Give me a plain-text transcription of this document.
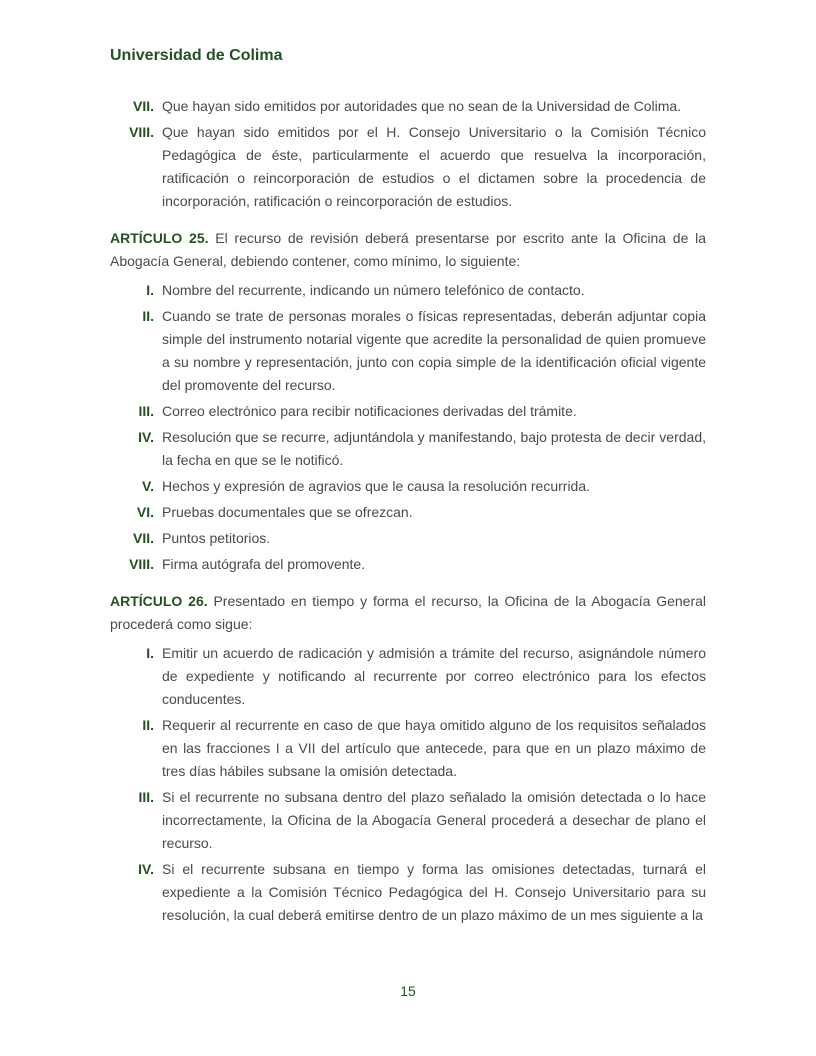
Universidad de Colima
VII. Que hayan sido emitidos por autoridades que no sean de la Universidad de Colima.
VIII. Que hayan sido emitidos por el H. Consejo Universitario o la Comisión Técnico Pedagógica de éste, particularmente el acuerdo que resuelva la incorporación, ratificación o reincorporación de estudios o el dictamen sobre la procedencia de incorporación, ratificación o reincorporación de estudios.

ARTÍCULO 25. El recurso de revisión deberá presentarse por escrito ante la Oficina de la Abogacía General, debiendo contener, como mínimo, lo siguiente:

I. Nombre del recurrente, indicando un número telefónico de contacto.
II. Cuando se trate de personas morales o físicas representadas, deberán adjuntar copia simple del instrumento notarial vigente que acredite la personalidad de quien promueve a su nombre y representación, junto con copia simple de la identificación oficial vigente del promovente del recurso.
III. Correo electrónico para recibir notificaciones derivadas del trámite.
IV. Resolución que se recurre, adjuntándola y manifestando, bajo protesta de decir verdad, la fecha en que se le notificó.
V. Hechos y expresión de agravios que le causa la resolución recurrida.
VI. Pruebas documentales que se ofrezcan.
VII. Puntos petitorios.
VIII. Firma autógrafa del promovente.

ARTÍCULO 26. Presentado en tiempo y forma el recurso, la Oficina de la Abogacía General procederá como sigue:

I. Emitir un acuerdo de radicación y admisión a trámite del recurso, asignándole número de expediente y notificando al recurrente por correo electrónico para los efectos conducentes.
II. Requerir al recurrente en caso de que haya omitido alguno de los requisitos señalados en las fracciones I a VII del artículo que antecede, para que en un plazo máximo de tres días hábiles subsane la omisión detectada.
III. Si el recurrente no subsana dentro del plazo señalado la omisión detectada o lo hace incorrectamente, la Oficina de la Abogacía General procederá a desechar de plano el recurso.
IV. Si el recurrente subsana en tiempo y forma las omisiones detectadas, turnará el expediente a la Comisión Técnico Pedagógica del H. Consejo Universitario para su resolución, la cual deberá emitirse dentro de un plazo máximo de un mes siguiente a la
15
